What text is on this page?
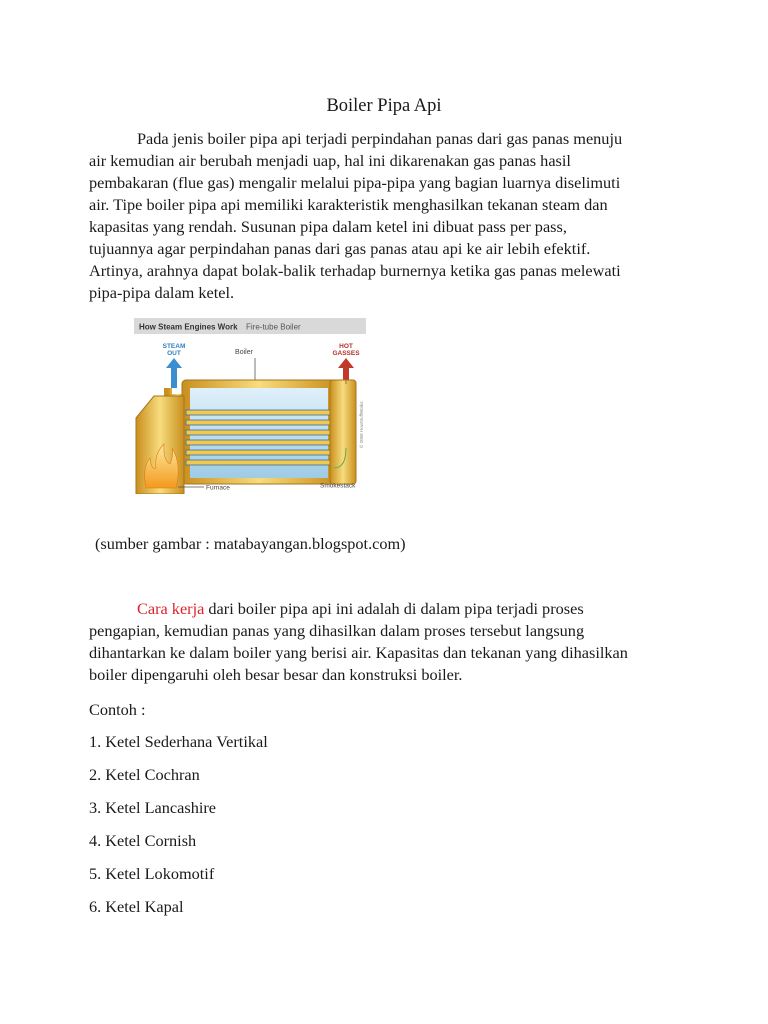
Boiler Pipa Api

Pada jenis boiler pipa api terjadi perpindahan panas dari gas panas menuju
air kemudian air berubah menjadi uap, hal ini dikarenakan gas panas hasil
pembakaran (flue gas) mengalir melalui pipa-pipa yang bagian luarnya diselimuti
air. Tipe boiler pipa api memiliki karakteristik menghasilkan tekanan steam dan
kapasitas yang rendah. Susunan pipa dalam ketel ini dibuat pass per pass,
tujuannya agar perpindahan panas dari gas panas atau api ke air lebih efektif.
Artinya, arahnya dapat bolak-balik terhadap burnernya ketika gas panas melewati
pipa-pipa dalam ketel.

How Steam Engines Work Fire-tube Boiler
STEAM
OUT
HOT
GASSES
Boiler
Furnace	Smokestack
© 2008 HowStuffWorks
(sumber gambar : matabayangan.blogspot.com)

Cara kerja dari boiler pipa api ini adalah di dalam pipa terjadi proses
pengapian, kemudian panas yang dihasilkan dalam proses tersebut langsung
dihantarkan ke dalam boiler yang berisi air. Kapasitas dan tekanan yang dihasilkan
boiler dipengaruhi oleh besar besar dan konstruksi boiler.

Contoh :
1. Ketel Sederhana Vertikal
2. Ketel Cochran
3. Ketel Lancashire
4. Ketel Cornish
5. Ketel Lokomotif
6. Ketel Kapal
